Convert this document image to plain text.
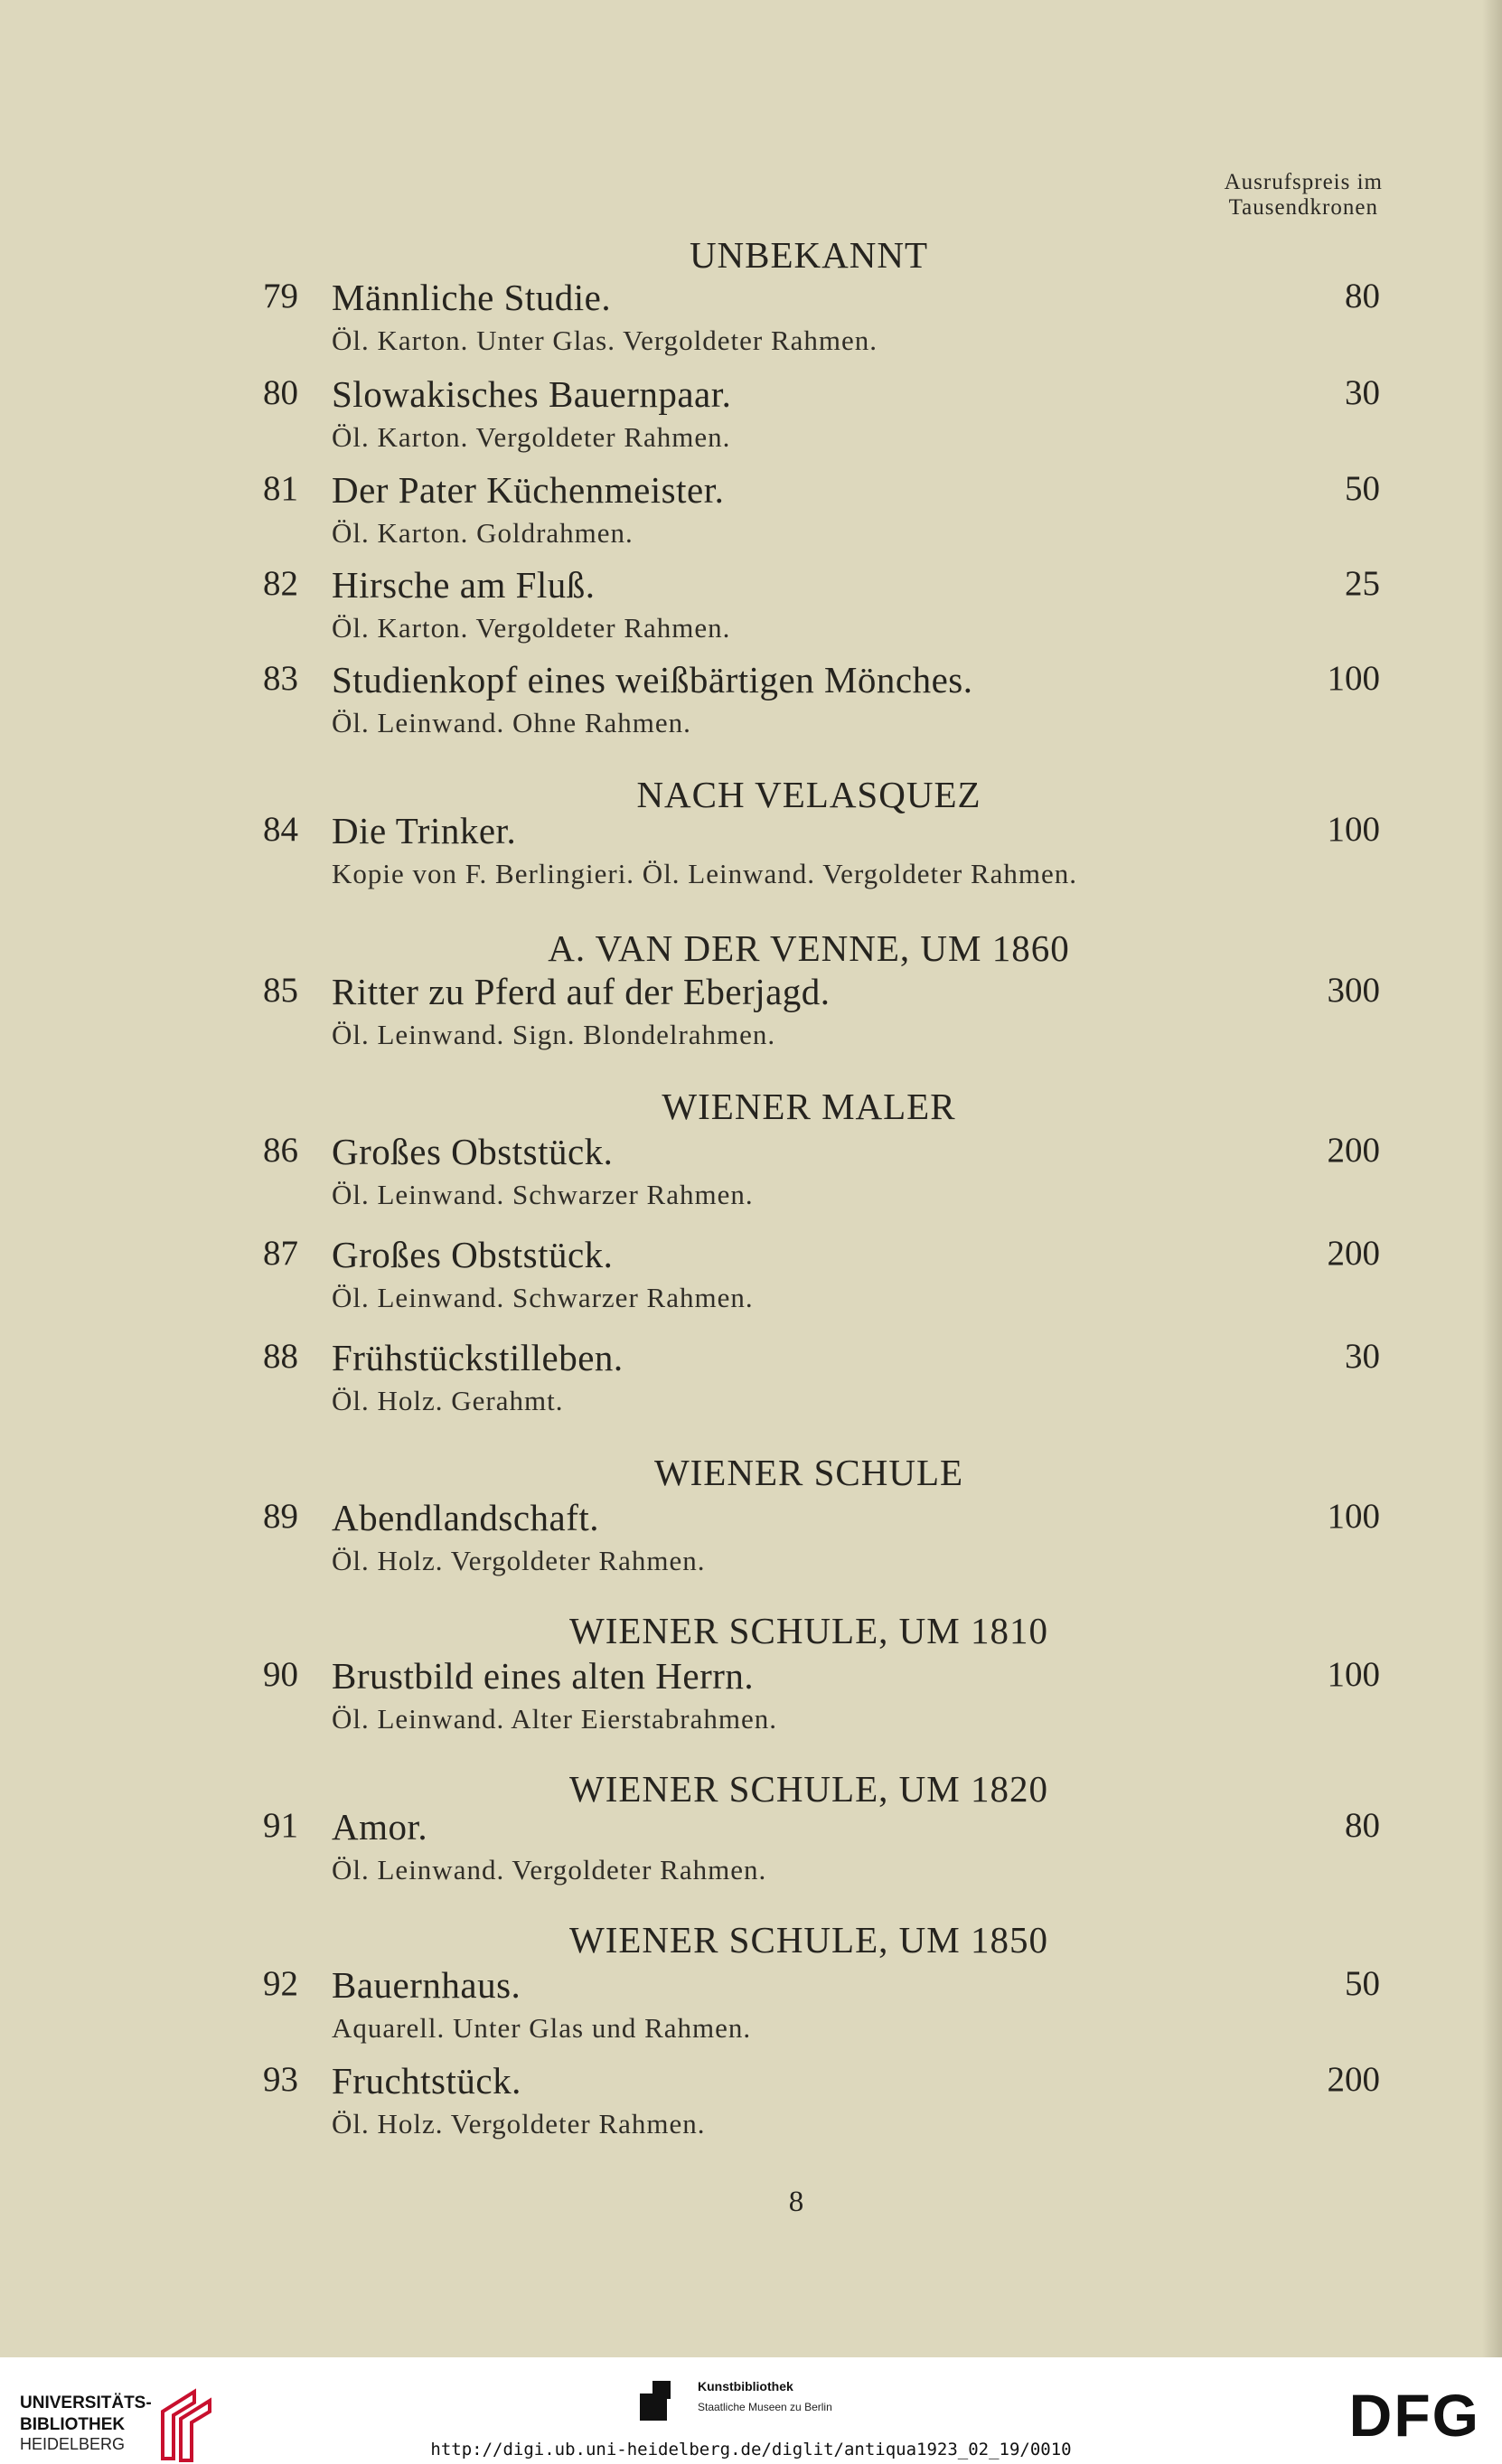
Ausrufspreis im
Tausendkronen
UNBEKANNT
79 Männliche Studie.	80
Öl. Karton. Unter Glas. Vergoldeter Rahmen.
80 Slowakisches Bauernpaar.	30
Öl. Karton. Vergoldeter Rahmen.
81 Der Pater Küchenmeister.	50
Öl. Karton. Goldrahmen.
82 Hirsche am Fluß.	25
Öl. Karton. Vergoldeter Rahmen.
83 Studienkopf eines weißbärtigen Mönches.	100
Öl. Leinwand. Ohne Rahmen.
NACH VELASQUEZ
84 Die Trinker.	100
Kopie von F. Berlingieri. Öl. Leinwand. Vergoldeter Rahmen.
A. VAN DER VENNE, UM 1860
85 Ritter zu Pferd auf der Eberjagd.	300
Öl. Leinwand. Sign. Blondelrahmen.
WIENER MALER
86 Großes Obststück.	200
Öl. Leinwand. Schwarzer Rahmen.
87 Großes Obststück.	200
Öl. Leinwand. Schwarzer Rahmen.
88 Frühstückstilleben.	30
Öl. Holz. Gerahmt.
WIENER SCHULE
89 Abendlandschaft.	100
Öl. Holz. Vergoldeter Rahmen.
WIENER SCHULE, UM 1810
90 Brustbild eines alten Herrn.	100
Öl. Leinwand. Alter Eierstabrahmen.
WIENER SCHULE, UM 1820
91 Amor.	80
Öl. Leinwand. Vergoldeter Rahmen.
WIENER SCHULE, UM 1850
92 Bauernhaus.	50
Aquarell. Unter Glas und Rahmen.
93 Fruchtstück.	200
Öl. Holz. Vergoldeter Rahmen.
8
UNIVERSITÄTS-
BIBLIOTHEK
HEIDELBERG
Kunstbibliothek
Staatliche Museen zu Berlin	DFG
http://digi.ub.uni-heidelberg.de/diglit/antiqua1923_02_19/0010
